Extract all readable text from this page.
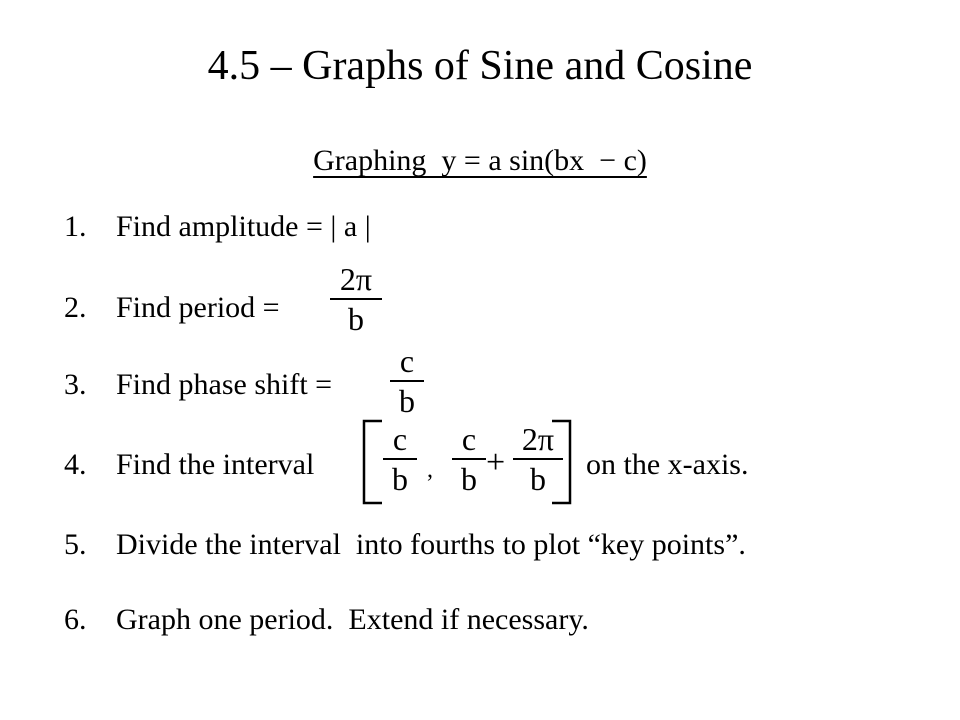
4.5 – Graphs of Sine and Cosine
Graphing  y = a sin(bx  − c)
1. Find amplitude = | a |
2. Find period =
2π
b
3. Find phase shift =
c
b
4. Find the interval
c
b ,
c
b +
2π
b	on the x-axis.
5. Divide the interval  into fourths to plot “key points”.
6. Graph one period.  Extend if necessary.
